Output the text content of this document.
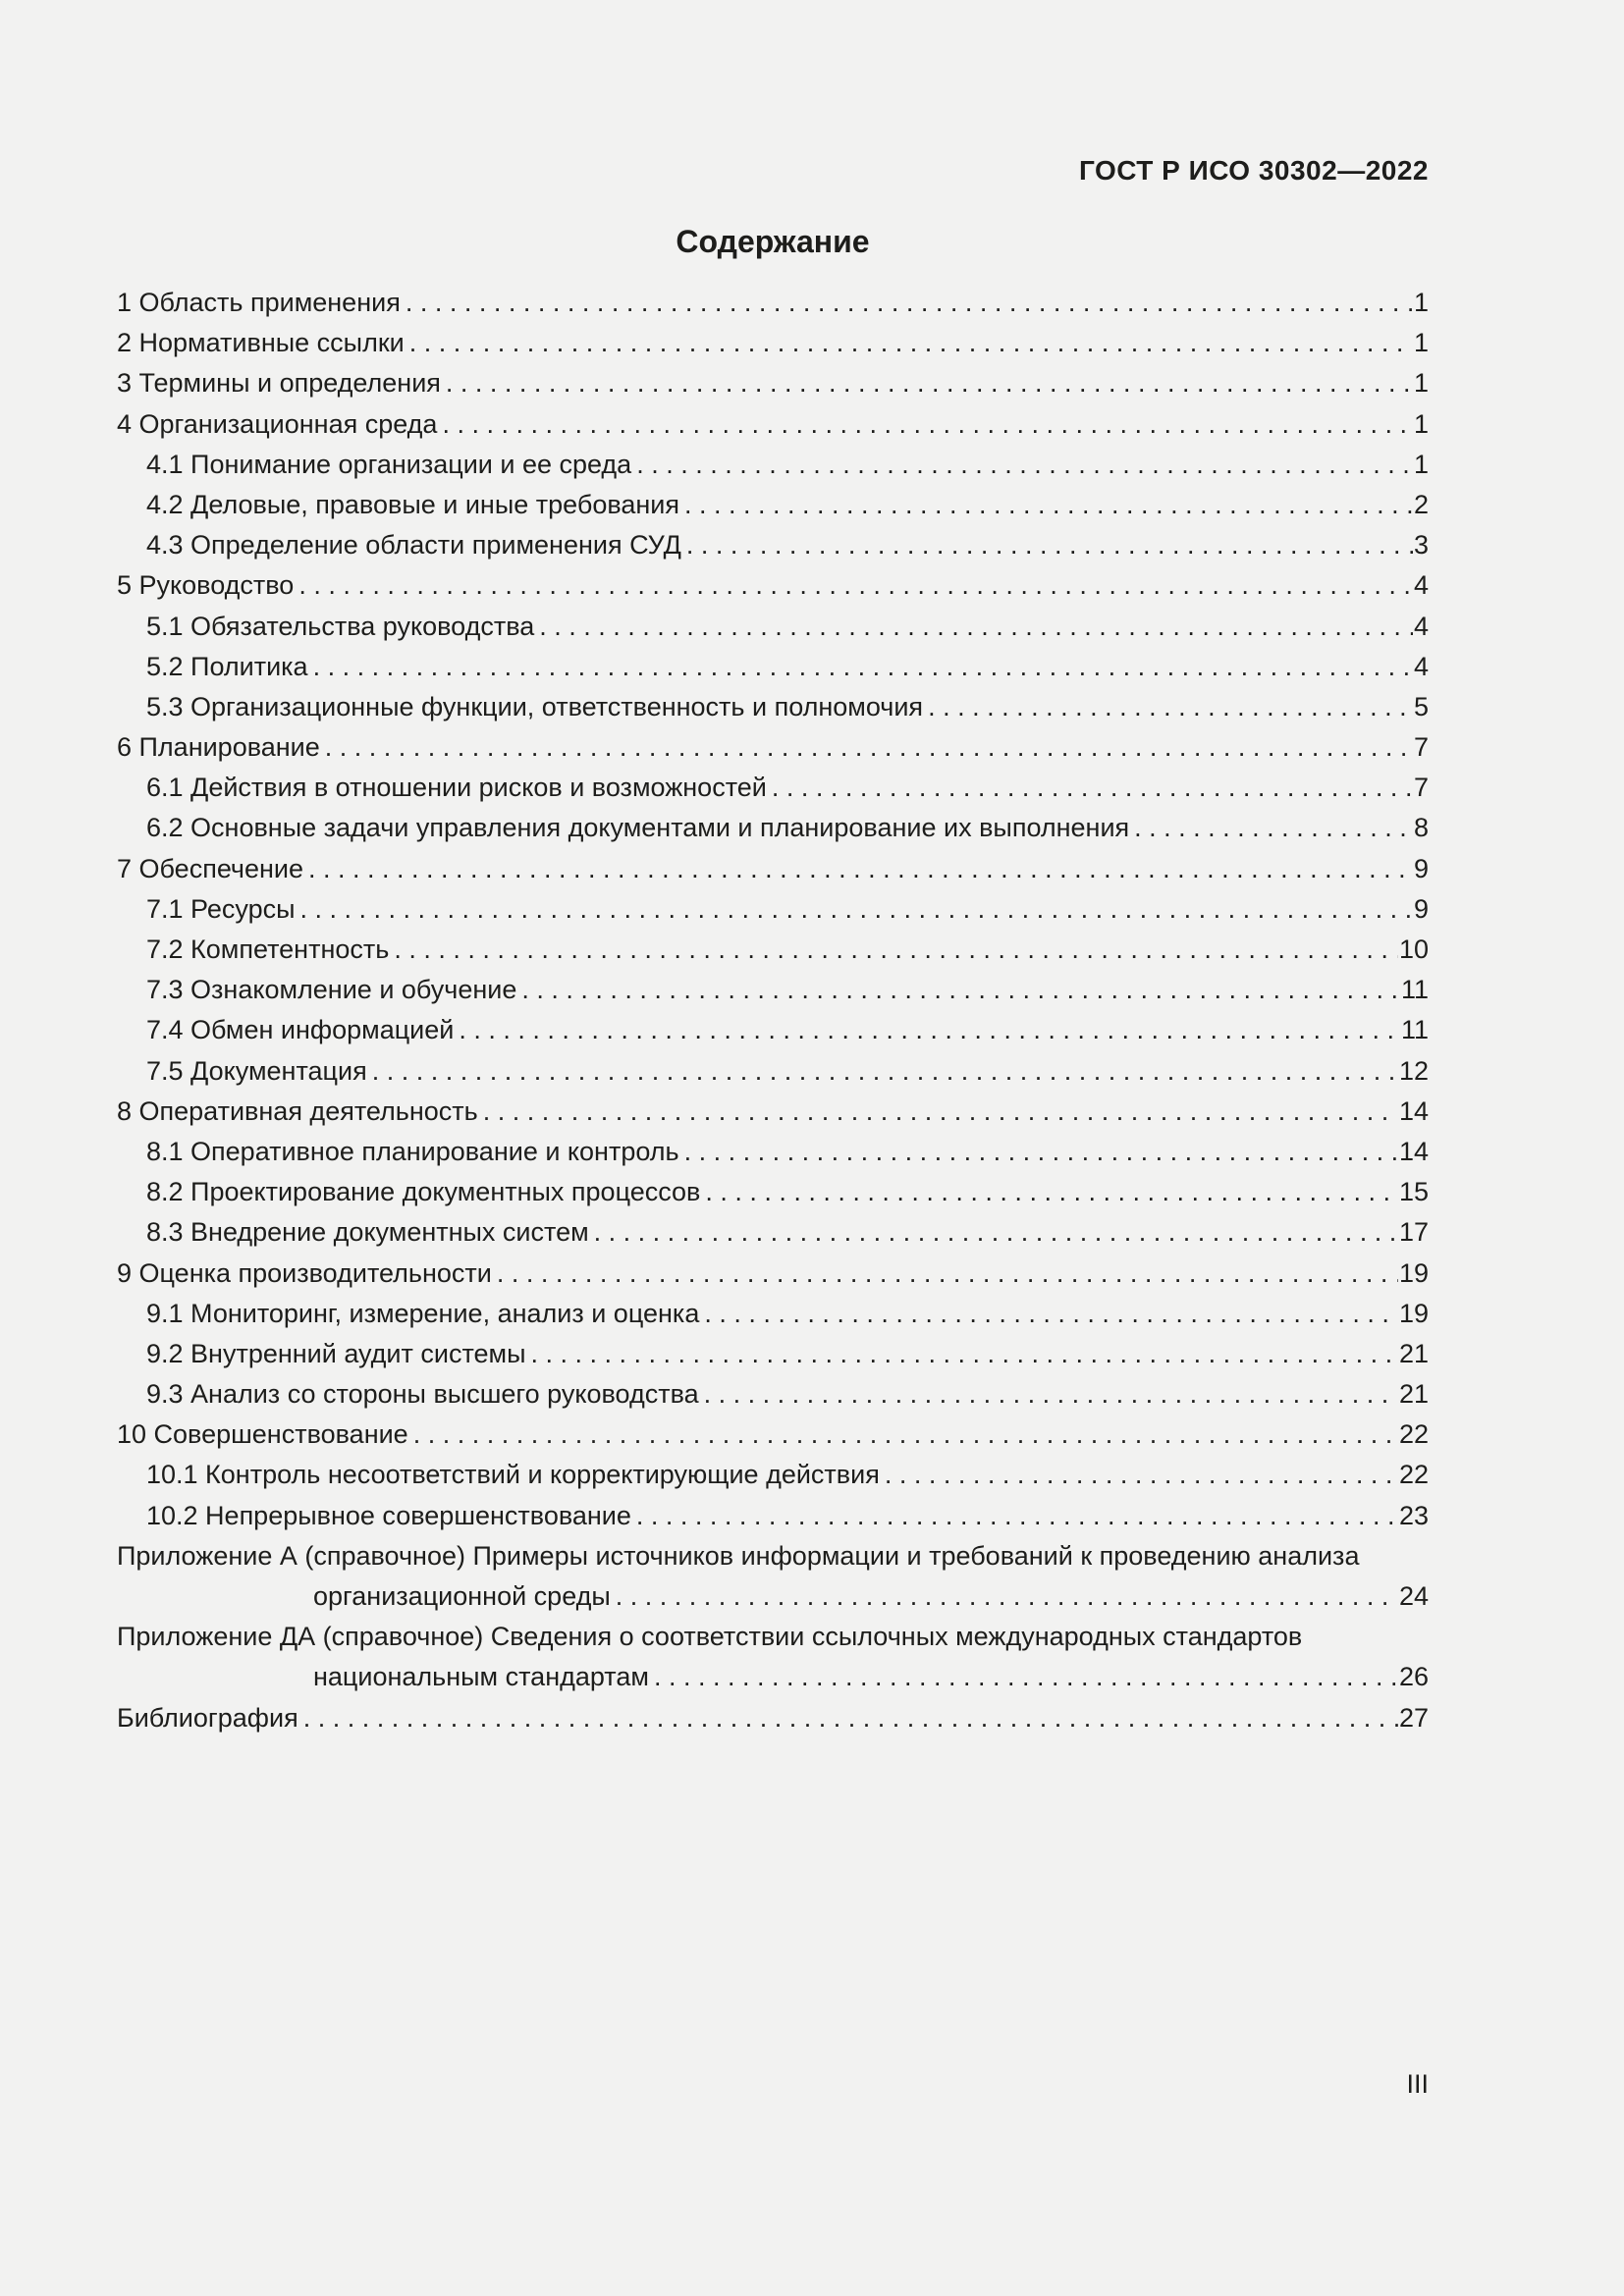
ГОСТ Р ИСО 30302—2022
Содержание
1 Область применения .....	1
2 Нормативные ссылки .....	1
3 Термины и определения .....	1
4 Организационная среда .....	1
4.1 Понимание организации и ее среда .....	1
4.2 Деловые, правовые и иные требования .....	2
4.3 Определение области применения СУД .....	3
5 Руководство .....	4
5.1 Обязательства руководства .....	4
5.2 Политика .....	4
5.3 Организационные функции, ответственность и полномочия .....	5
6 Планирование .....	7
6.1 Действия в отношении рисков и возможностей .....	7
6.2 Основные задачи управления документами и планирование их выполнения .....	8
7 Обеспечение .....	9
7.1 Ресурсы .....	9
7.2 Компетентность .....	10
7.3 Ознакомление и обучение .....	11
7.4 Обмен информацией .....	11
7.5 Документация .....	12
8 Оперативная деятельность .....	14
8.1 Оперативное планирование и контроль .....	14
8.2 Проектирование документных процессов .....	15
8.3 Внедрение документных систем .....	17
9 Оценка производительности .....	19
9.1 Мониторинг, измерение, анализ и оценка .....	19
9.2 Внутренний аудит системы .....	21
9.3 Анализ со стороны высшего руководства .....	21
10 Совершенствование .....	22
10.1 Контроль несоответствий и корректирующие действия .....	22
10.2 Непрерывное совершенствование .....	23
Приложение А (справочное) Примеры источников информации и требований к проведению анализа
организационной среды .....	24
Приложение ДА (справочное) Сведения о соответствии ссылочных международных стандартов
национальным стандартам .....	26
Библиография .....	27
III
